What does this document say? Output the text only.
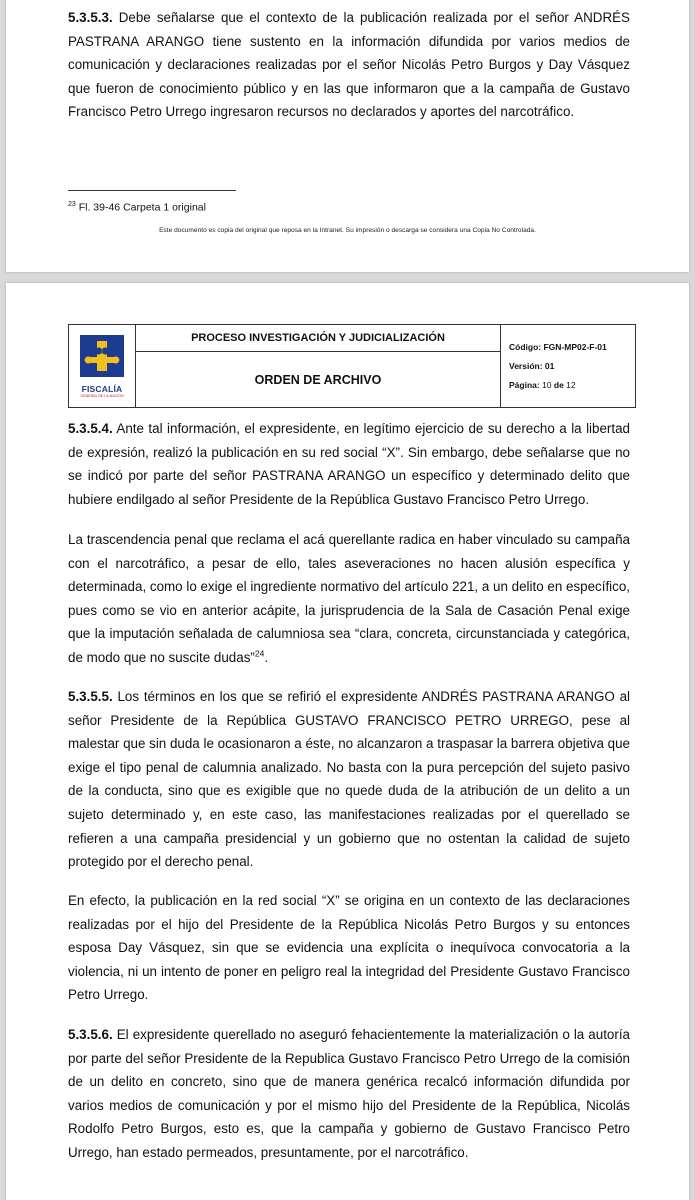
5.3.5.3. Debe señalarse que el contexto de la publicación realizada por el señor ANDRÉS PASTRANA ARANGO tiene sustento en la información difundida por varios medios de comunicación y declaraciones realizadas por el señor Nicolás Petro Burgos y Day Vásquez que fueron de conocimiento público y en las que informaron que a la campaña de Gustavo Francisco Petro Urrego ingresaron recursos no declarados y aportes del narcotráfico.

$^{23}$ Fl. 39-46 Carpeta 1 original
Este documento es copia del original que reposa en la Intranet. Su impresión o descarga se considera una Copia No Controlada.
FISCALÍA
GENERAL DE LA NACIÓN
	PROCESO INVESTIGACIÓN Y JUDICIALIZACIÓN	
Código: FGN-MP02-F-01
Versión: 01
Página: 10 de 12

ORDEN DE ARCHIVO

5.3.5.4. Ante tal información, el expresidente, en legítimo ejercicio de su derecho a la libertad de expresión, realizó la publicación en su red social “X”. Sin embargo, debe señalarse que no se indicó por parte del señor PASTRANA ARANGO un específico y determinado delito que hubiere endilgado al señor Presidente de la República Gustavo Francisco Petro Urrego.

La trascendencia penal que reclama el acá querellante radica en haber vinculado su campaña con el narcotráfico, a pesar de ello, tales aseveraciones no hacen alusión específica y determinada, como lo exige el ingrediente normativo del artículo 221, a un delito en específico, pues como se vio en anterior acápite, la jurisprudencia de la Sala de Casación Penal exige que la imputación señalada de calumniosa sea “clara, concreta, circunstanciada y categórica, de modo que no suscite dudas”$^{24}$.

5.3.5.5. Los términos en los que se refirió el expresidente ANDRÉS PASTRANA ARANGO al señor Presidente de la República GUSTAVO FRANCISCO PETRO URREGO, pese al malestar que sin duda le ocasionaron a éste, no alcanzaron a traspasar la barrera objetiva que exige el tipo penal de calumnia analizado. No basta con la pura percepción del sujeto pasivo de la conducta, sino que es exigible que no quede duda de la atribución de un delito a un sujeto determinado y, en este caso, las manifestaciones realizadas por el querellado se refieren a una campaña presidencial y un gobierno que no ostentan la calidad de sujeto protegido por el derecho penal.

En efecto, la publicación en la red social “X” se origina en un contexto de las declaraciones realizadas por el hijo del Presidente de la República Nicolás Petro Burgos y su entonces esposa Day Vásquez, sin que se evidencia una explícita o inequívoca convocatoria a la violencia, ni un intento de poner en peligro real la integridad del Presidente Gustavo Francisco Petro Urrego.

5.3.5.6. El expresidente querellado no aseguró fehacientemente la materialización o la autoría por parte del señor Presidente de la Republica Gustavo Francisco Petro Urrego de la comisión de un delito en concreto, sino que de manera genérica recalcó información difundida por varios medios de comunicación y por el mismo hijo del Presidente de la República, Nicolás Rodolfo Petro Burgos, esto es, que la campaña y gobierno de Gustavo Francisco Petro Urrego, han estado permeados, presuntamente, por el narcotráfico.
